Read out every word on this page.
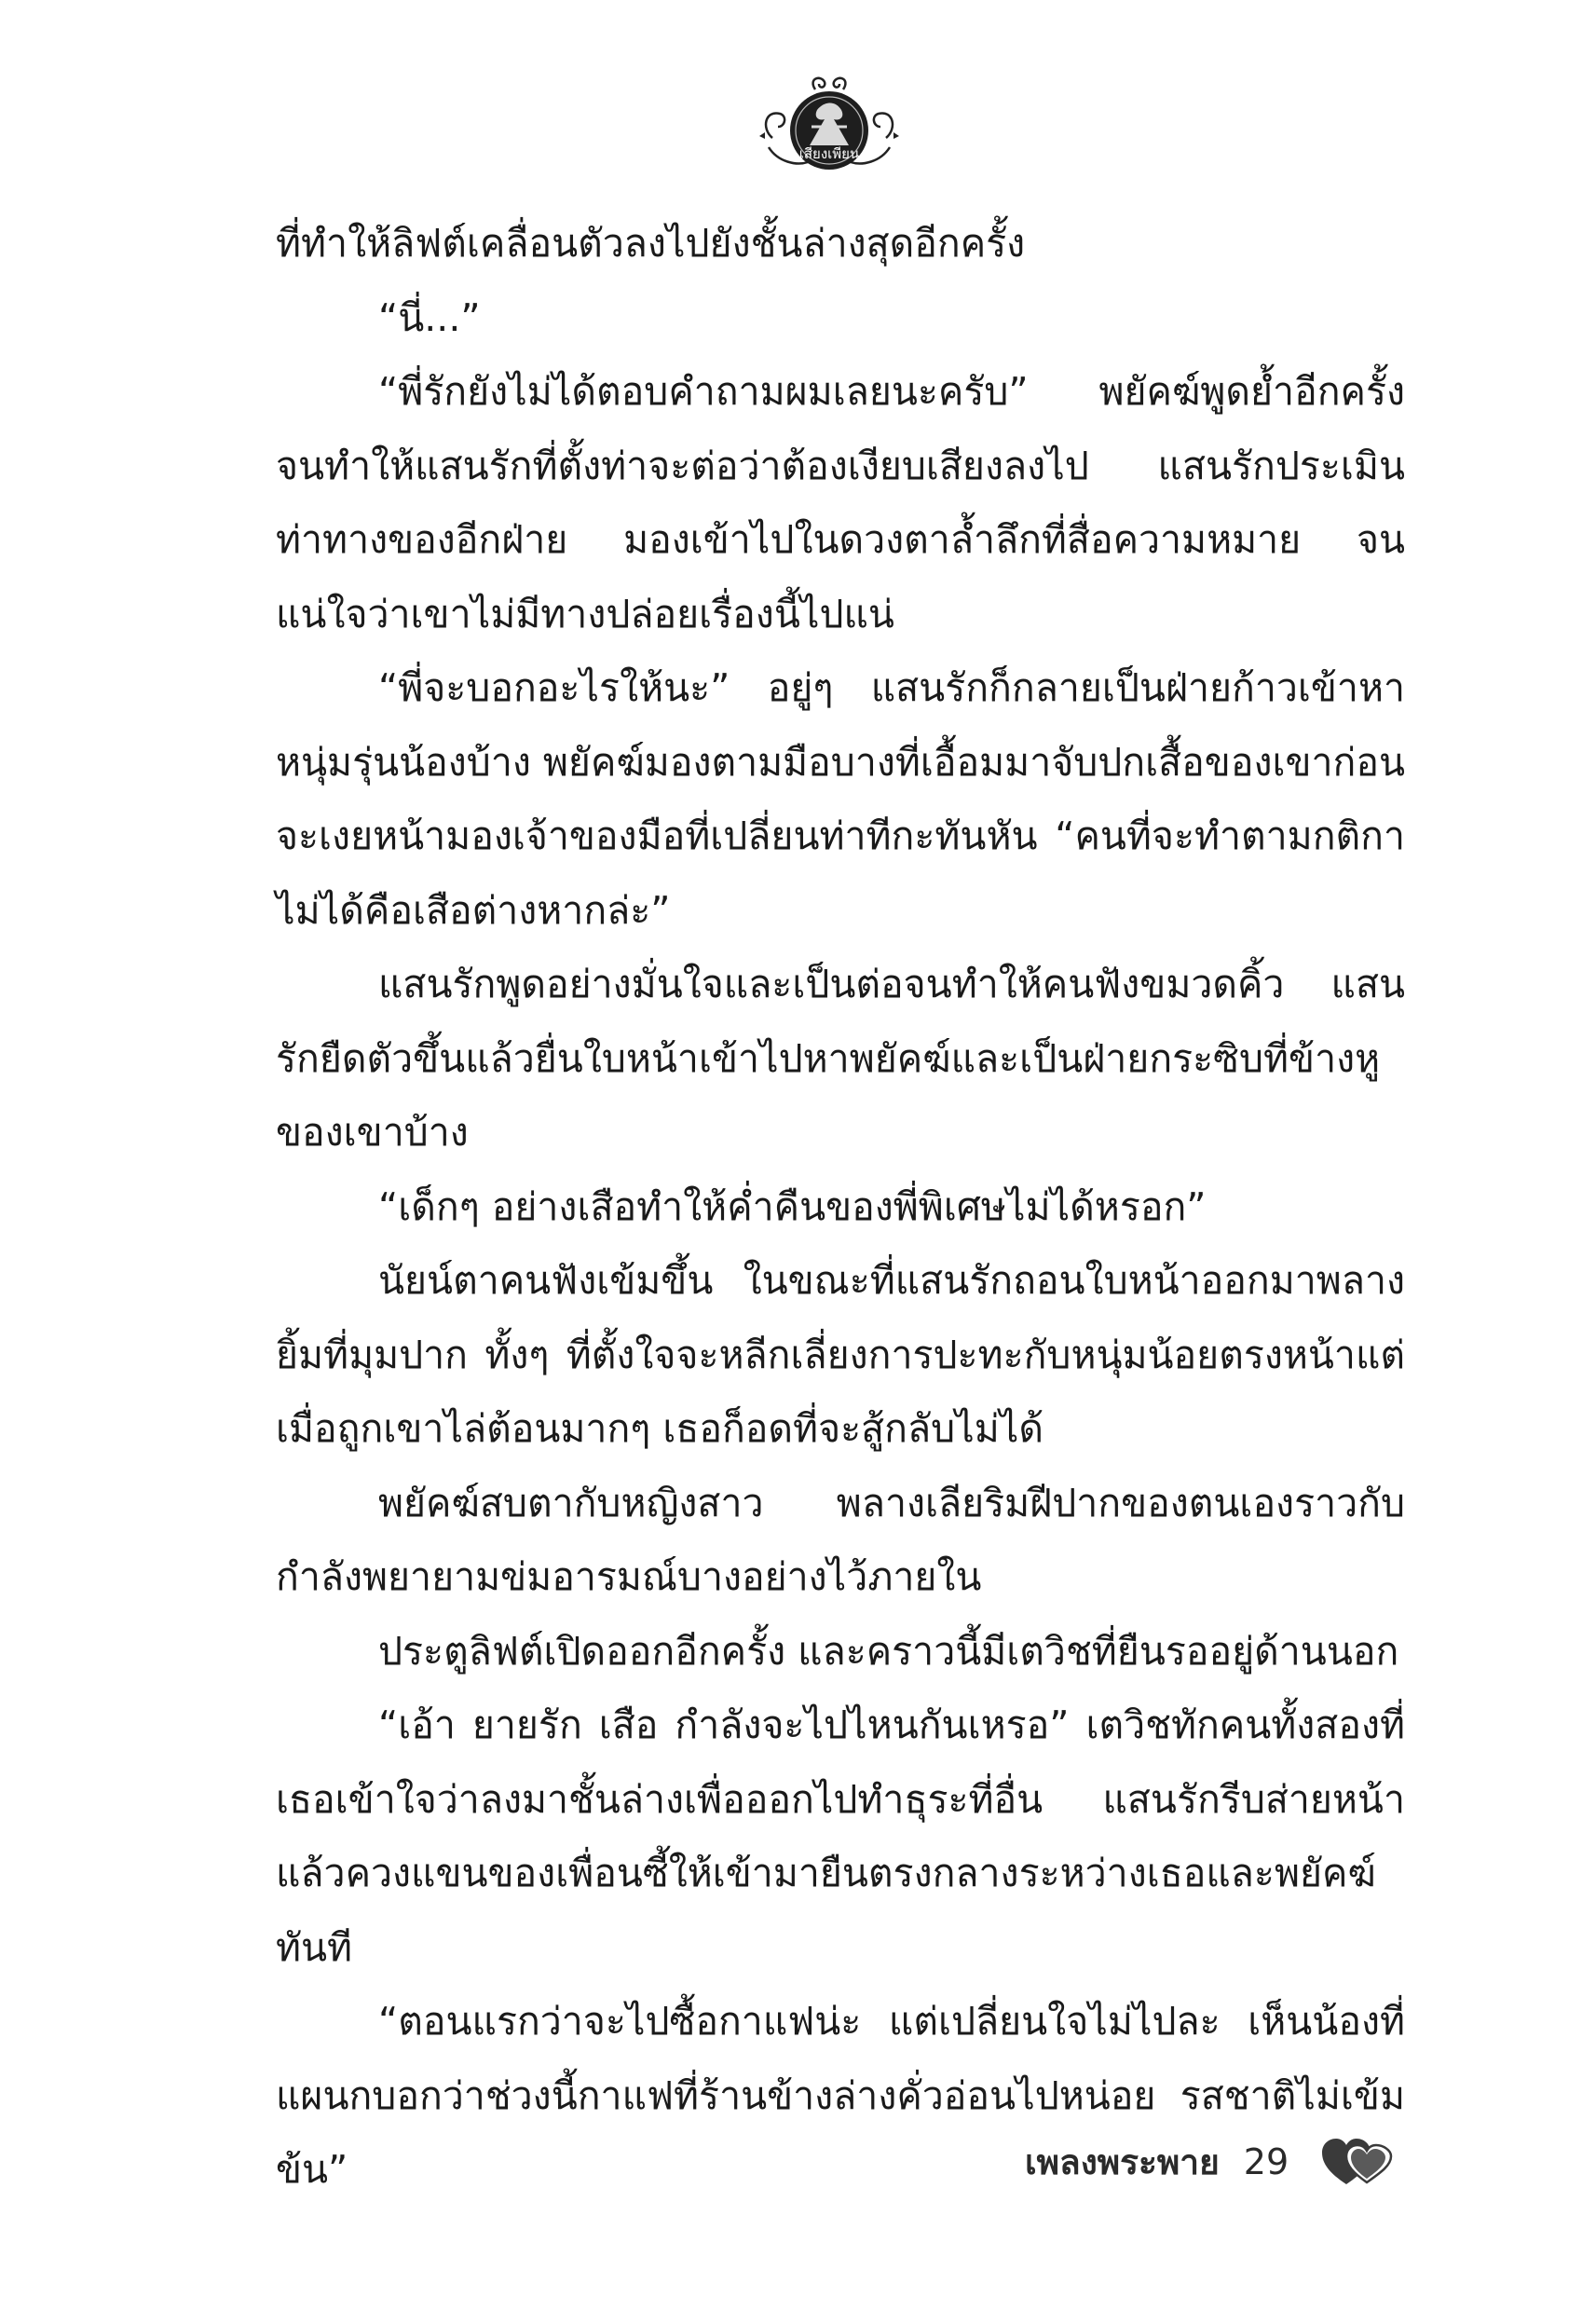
เสียงเพียน

ที่ทำให้ลิฟต์เคลื่อนตัวลงไปยังชั้นล่างสุดอีกครั้ง

“นี่...”

“พี่รักยังไม่ได้ตอบคำถามผมเลยนะครับ” พยัคฆ์พูดย้ำอีกครั้ง จนทำให้แสนรักที่ตั้งท่าจะต่อว่าต้องเงียบเสียงลงไป แสนรักประเมินท่าทางของอีกฝ่าย มองเข้าไปในดวงตาล้ำลึกที่สื่อความหมาย จนแน่ใจว่าเขาไม่มีทางปล่อยเรื่องนี้ไปแน่

“พี่จะบอกอะไรให้นะ” อยู่ๆ แสนรักก็กลายเป็นฝ่ายก้าวเข้าหาหนุ่มรุ่นน้องบ้าง พยัคฆ์มองตามมือบางที่เอื้อมมาจับปกเสื้อของเขาก่อนจะเงยหน้ามองเจ้าของมือที่เปลี่ยนท่าทีกะทันหัน “คนที่จะทำตามกติกาไม่ได้คือเสือต่างหากล่ะ”

แสนรักพูดอย่างมั่นใจและเป็นต่อจนทำให้คนฟังขมวดคิ้ว แสนรักยืดตัวขึ้นแล้วยื่นใบหน้าเข้าไปหาพยัคฆ์และเป็นฝ่ายกระซิบที่ข้างหูของเขาบ้าง

“เด็กๆ อย่างเสือทำให้ค่ำคืนของพี่พิเศษไม่ได้หรอก”

นัยน์ตาคนฟังเข้มขึ้น ในขณะที่แสนรักถอนใบหน้าออกมาพลางยิ้มที่มุมปาก ทั้งๆ ที่ตั้งใจจะหลีกเลี่ยงการปะทะกับหนุ่มน้อยตรงหน้าแต่เมื่อถูกเขาไล่ต้อนมากๆ เธอก็อดที่จะสู้กลับไม่ได้

พยัคฆ์สบตากับหญิงสาว พลางเลียริมฝีปากของตนเองราวกับกำลังพยายามข่มอารมณ์บางอย่างไว้ภายใน

ประตูลิฟต์เปิดออกอีกครั้ง และคราวนี้มีเตวิชที่ยืนรออยู่ด้านนอก

“เอ้า ยายรัก เสือ กำลังจะไปไหนกันเหรอ” เตวิชทักคนทั้งสองที่เธอเข้าใจว่าลงมาชั้นล่างเพื่อออกไปทำธุระที่อื่น แสนรักรีบส่ายหน้าแล้วควงแขนของเพื่อนซี้ให้เข้ามายืนตรงกลางระหว่างเธอและพยัคฆ์ทันที

“ตอนแรกว่าจะไปซื้อกาแฟน่ะ แต่เปลี่ยนใจไม่ไปละ เห็นน้องที่แผนกบอกว่าช่วงนี้กาแฟที่ร้านข้างล่างคั่วอ่อนไปหน่อย รสชาติไม่เข้มข้น”	เพลงพระพาย 29
